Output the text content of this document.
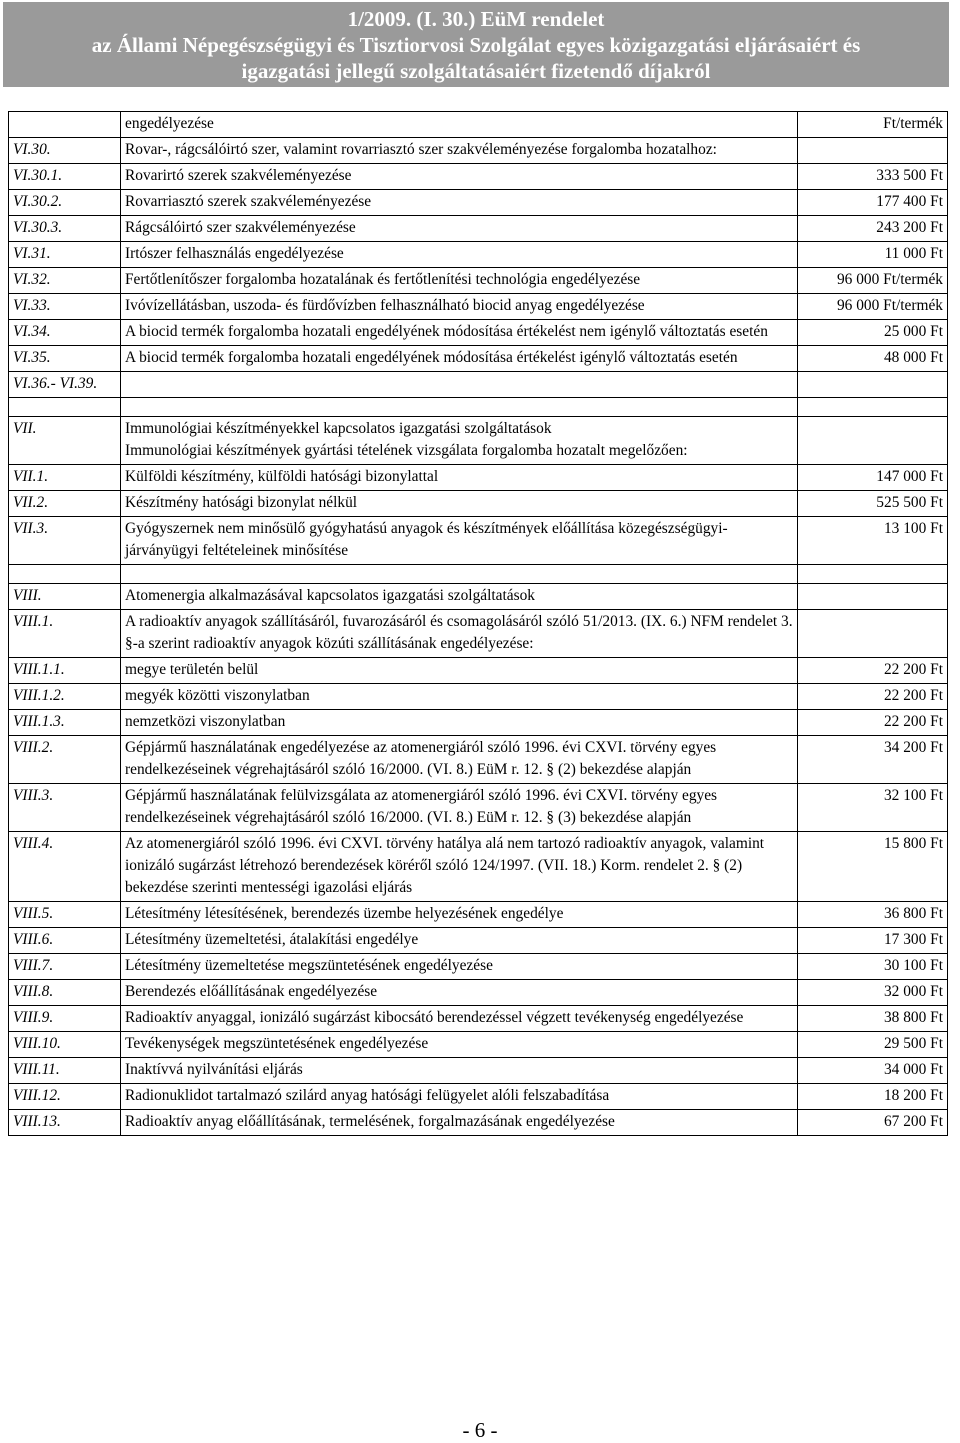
1/2009. (I. 30.) EüM rendelet
az Állami Népegészségügyi és Tisztiorvosi Szolgálat egyes közigazgatási eljárásaiért és
igazgatási jellegű szolgáltatásaiért fizetendő díjakról
	engedélyezése	Ft/termék
VI.30.	Rovar-, rágcsálóirtó szer, valamint rovarriasztó szer szakvéleményezése forgalomba hozatalhoz:	
VI.30.1.	Rovarirtó szerek szakvéleményezése	333 500 Ft
VI.30.2.	Rovarriasztó szerek szakvéleményezése	177 400 Ft
VI.30.3.	Rágcsálóirtó szer szakvéleményezése	243 200 Ft
VI.31.	Irtószer felhasználás engedélyezése	11 000 Ft
VI.32.	Fertőtlenítőszer forgalomba hozatalának és fertőtlenítési technológia engedélyezése	96 000 Ft/termék
VI.33.	Ivóvízellátásban, uszoda- és fürdővízben felhasználható biocid anyag engedélyezése	96 000 Ft/termék
VI.34.	A biocid termék forgalomba hozatali engedélyének módosítása értékelést nem igénylő változtatás esetén	25 000 Ft
VI.35.	A biocid termék forgalomba hozatali engedélyének módosítása értékelést igénylő változtatás esetén	48 000 Ft
VI.36.- VI.39.		

VII.	Immunológiai készítményekkel kapcsolatos igazgatási szolgáltatások
Immunológiai készítmények gyártási tételének vizsgálata forgalomba hozatalt megelőzően:	
VII.1.	Külföldi készítmény, külföldi hatósági bizonylattal	147 000 Ft
VII.2.	Készítmény hatósági bizonylat nélkül	525 500 Ft
VII.3.	Gyógyszernek nem minősülő gyógyhatású anyagok és készítmények előállítása közegészségügyi-járványügyi feltételeinek minősítése	13 100 Ft

VIII.	Atomenergia alkalmazásával kapcsolatos igazgatási szolgáltatások	
VIII.1.	A radioaktív anyagok szállításáról, fuvarozásáról és csomagolásáról szóló 51/2013. (IX. 6.) NFM rendelet 3. §-a szerint radioaktív anyagok közúti szállításának engedélyezése:	
VIII.1.1.	megye területén belül	22 200 Ft
VIII.1.2.	megyék közötti viszonylatban	22 200 Ft
VIII.1.3.	nemzetközi viszonylatban	22 200 Ft
VIII.2.	Gépjármű használatának engedélyezése az atomenergiáról szóló 1996. évi CXVI. törvény egyes rendelkezéseinek végrehajtásáról szóló 16/2000. (VI. 8.) EüM r. 12. § (2) bekezdése alapján	34 200 Ft
VIII.3.	Gépjármű használatának felülvizsgálata az atomenergiáról szóló 1996. évi CXVI. törvény egyes rendelkezéseinek végrehajtásáról szóló 16/2000. (VI. 8.) EüM r. 12. § (3) bekezdése alapján	32 100 Ft
VIII.4.	Az atomenergiáról szóló 1996. évi CXVI. törvény hatálya alá nem tartozó radioaktív anyagok, valamint ionizáló sugárzást létrehozó berendezések köréről szóló 124/1997. (VII. 18.) Korm. rendelet 2. § (2) bekezdése szerinti mentességi igazolási eljárás	15 800 Ft
VIII.5.	Létesítmény létesítésének, berendezés üzembe helyezésének engedélye	36 800 Ft
VIII.6.	Létesítmény üzemeltetési, átalakítási engedélye	17 300 Ft
VIII.7.	Létesítmény üzemeltetése megszüntetésének engedélyezése	30 100 Ft
VIII.8.	Berendezés előállításának engedélyezése	32 000 Ft
VIII.9.	Radioaktív anyaggal, ionizáló sugárzást kibocsátó berendezéssel végzett tevékenység engedélyezése	38 800 Ft
VIII.10.	Tevékenységek megszüntetésének engedélyezése	29 500 Ft
VIII.11.	Inaktívvá nyilvánítási eljárás	34 000 Ft
VIII.12.	Radionuklidot tartalmazó szilárd anyag hatósági felügyelet alóli felszabadítása	18 200 Ft
VIII.13.	Radioaktív anyag előállításának, termelésének, forgalmazásának engedélyezése	67 200 Ft
- 6 -
